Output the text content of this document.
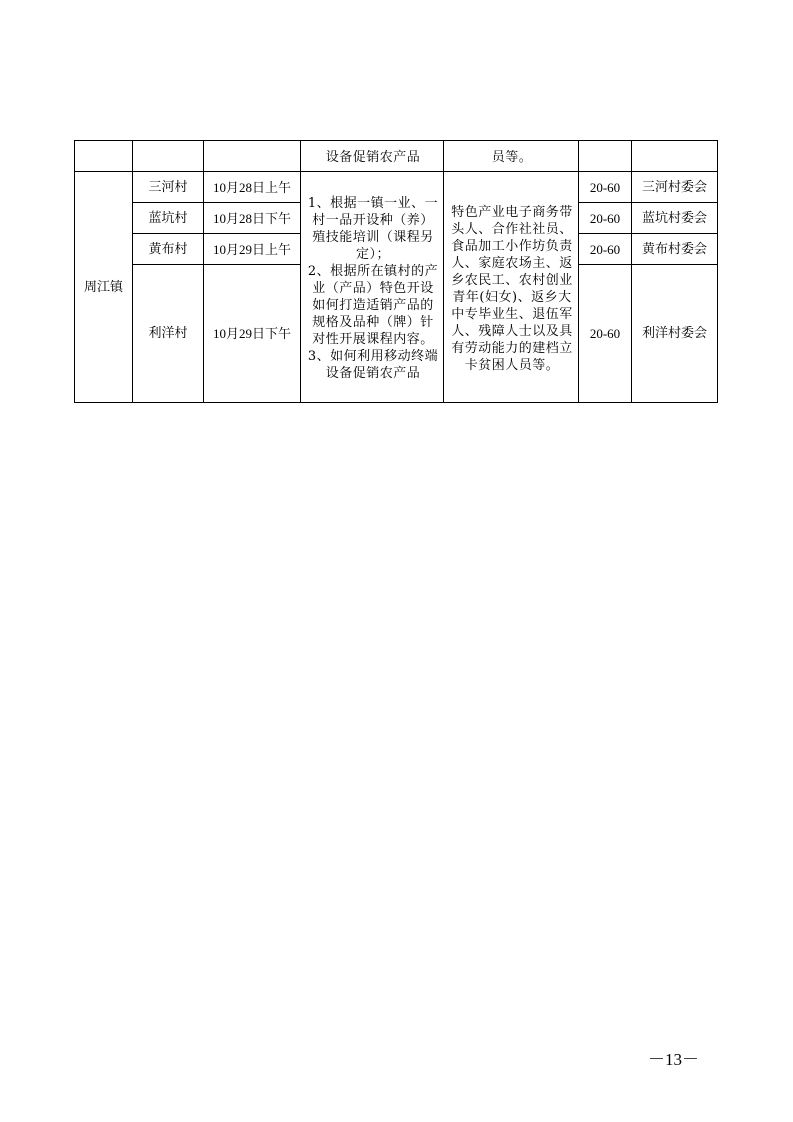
			设备促销农产品	员等。		
周江镇	三河村	10月28日上午	1、根据一镇一业、一村一品开设种（养）殖技能培训（课程另定）；
2、根据所在镇村的产业（产品）特色开设如何打造适销产品的规格及品种（牌）针对性开展课程内容。
3、如何利用移动终端设备促销农产品	特色产业电子商务带头人、合作社社员、食品加工小作坊负责人、家庭农场主、返乡农民工、农村创业青年(妇女)、返乡大中专毕业生、退伍军人、残障人士以及具有劳动能力的建档立卡贫困人员等。	20-60	三河村委会
	蓝坑村	10月28日下午			20-60	蓝坑村委会
	黄布村	10月29日上午			20-60	黄布村委会
	利洋村	10月29日下午			20-60	利洋村委会
－13－
